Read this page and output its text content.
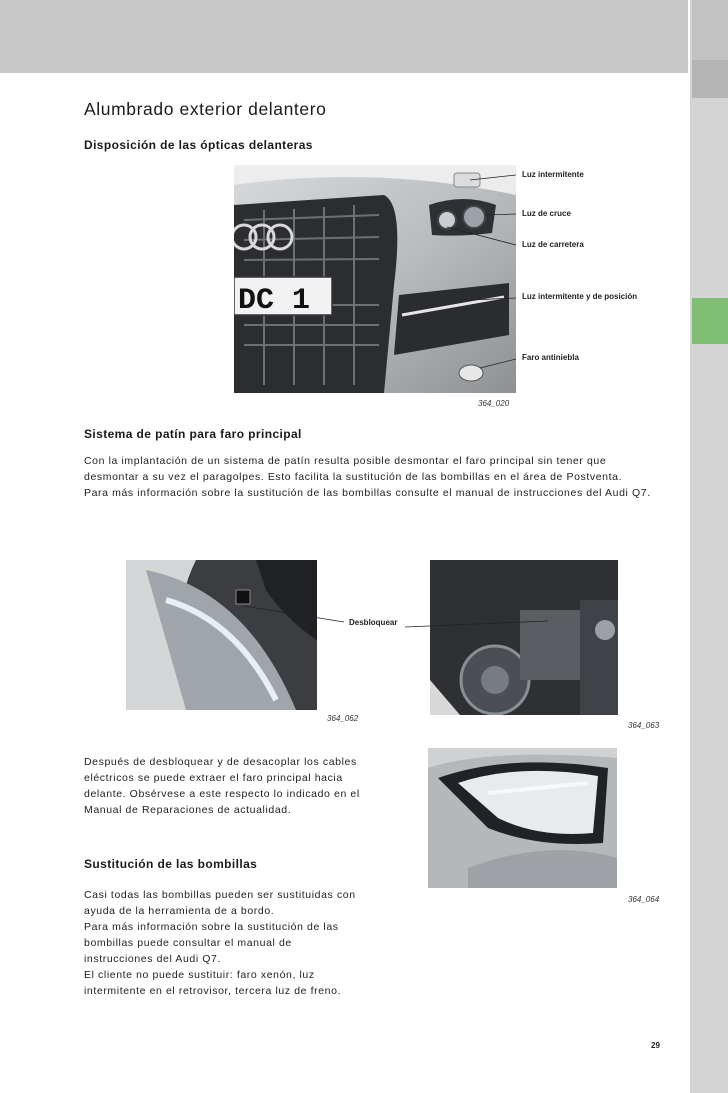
Alumbrado exterior delantero
Disposición de las ópticas delanteras
DC 1
Luz intermitente
Luz de cruce
Luz de carretera
Luz intermitente y de posición
Faro antiniebla
364_020
Sistema de patín para faro principal
Con la implantación de un sistema de patín resulta posible desmontar el faro principal sin tener que
desmontar a su vez el paragolpes. Esto facilita la sustitución de las bombillas en el área de Postventa.
Para más información sobre la sustitución de las bombillas consulte el manual de instrucciones del Audi Q7.
Desbloquear
364_062
364_063
Después de desbloquear y de desacoplar los cables
eléctricos se puede extraer el faro principal hacia
delante. Obsérvese a este respecto lo indicado en el
Manual de Reparaciones de actualidad.
Sustitución de las bombillas
Casi todas las bombillas pueden ser sustituidas con
ayuda de la herramienta de a bordo.
Para más información sobre la sustitución de las
bombillas puede consultar el manual de
instrucciones del Audi Q7.
El cliente no puede sustituir: faro xenón, luz
intermitente en el retrovisor, tercera luz de freno.
364_064
29
